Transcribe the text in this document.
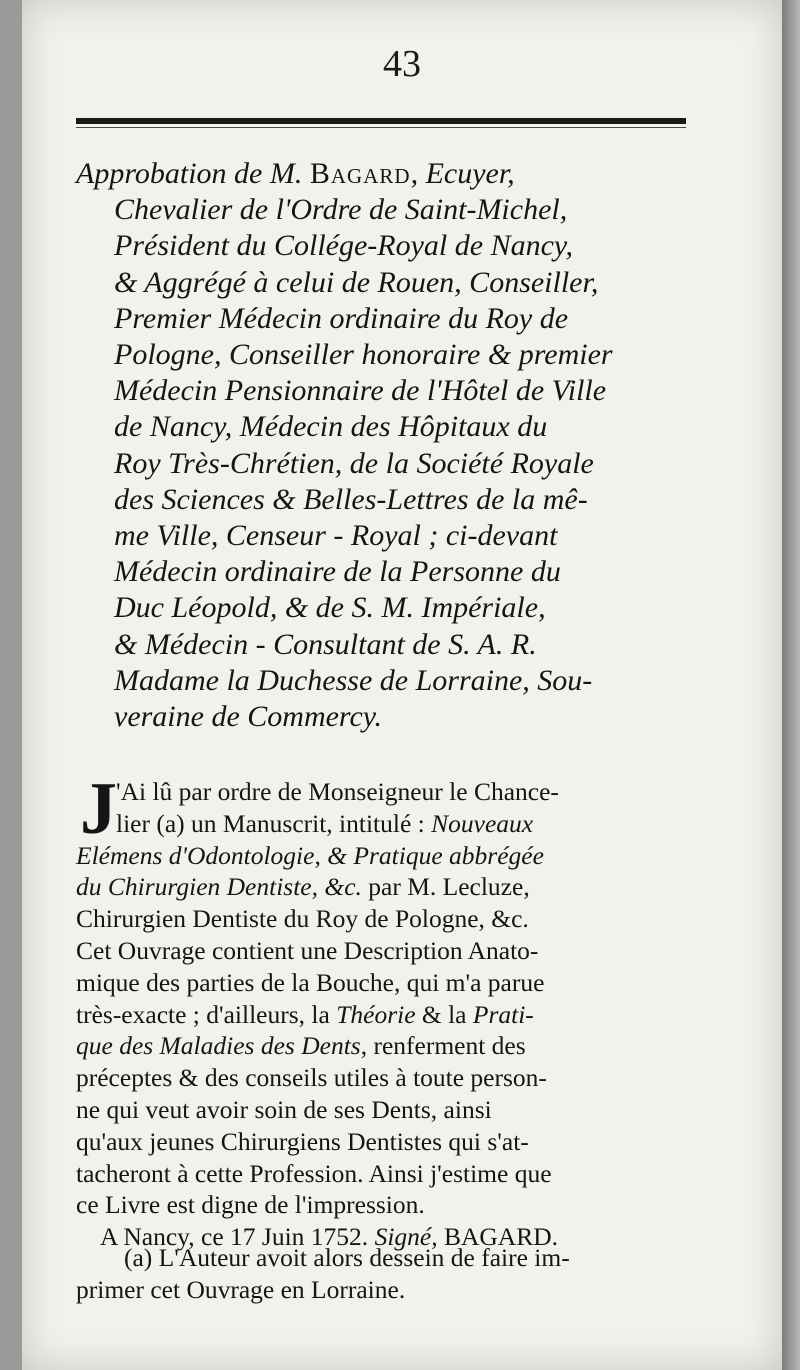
43
Approbation de M. Bagard, Ecuyer,
Chevalier de l'Ordre de Saint-Michel,
Président du Collége-Royal de Nancy,
& Aggrégé à celui de Rouen, Conseiller,
Premier Médecin ordinaire du Roy de
Pologne, Conseiller honoraire & premier
Médecin Pensionnaire de l'Hôtel de Ville
de Nancy, Médecin des Hôpitaux du
Roy Très-Chrétien, de la Société Royale
des Sciences & Belles-Lettres de la mê-
me Ville, Censeur - Royal ; ci-devant
Médecin ordinaire de la Personne du
Duc Léopold, & de S. M. Impériale,
& Médecin - Consultant de S. A. R.
Madame la Duchesse de Lorraine, Sou-
veraine de Commercy.
J 'Ai lû par ordre de Monseigneur le Chance-
lier (a) un Manuscrit, intitulé : Nouveaux
Elémens d'Odontologie, & Pratique abbrégée
du Chirurgien Dentiste, &c. par M. Lecluze,
Chirurgien Dentiste du Roy de Pologne, &c.
Cet Ouvrage contient une Description Anato-
mique des parties de la Bouche, qui m'a parue
très-exacte ; d'ailleurs, la Théorie & la Prati-
que des Maladies des Dents, renferment des
préceptes & des conseils utiles à toute person-
ne qui veut avoir soin de ses Dents, ainsi
qu'aux jeunes Chirurgiens Dentistes qui s'at-
tacheront à cette Profession. Ainsi j'estime que
ce Livre est digne de l'impression.
A Nancy, ce 17 Juin 1752. Signé, BAGARD.
(a) L'Auteur avoit alors dessein de faire im-
primer cet Ouvrage en Lorraine.
